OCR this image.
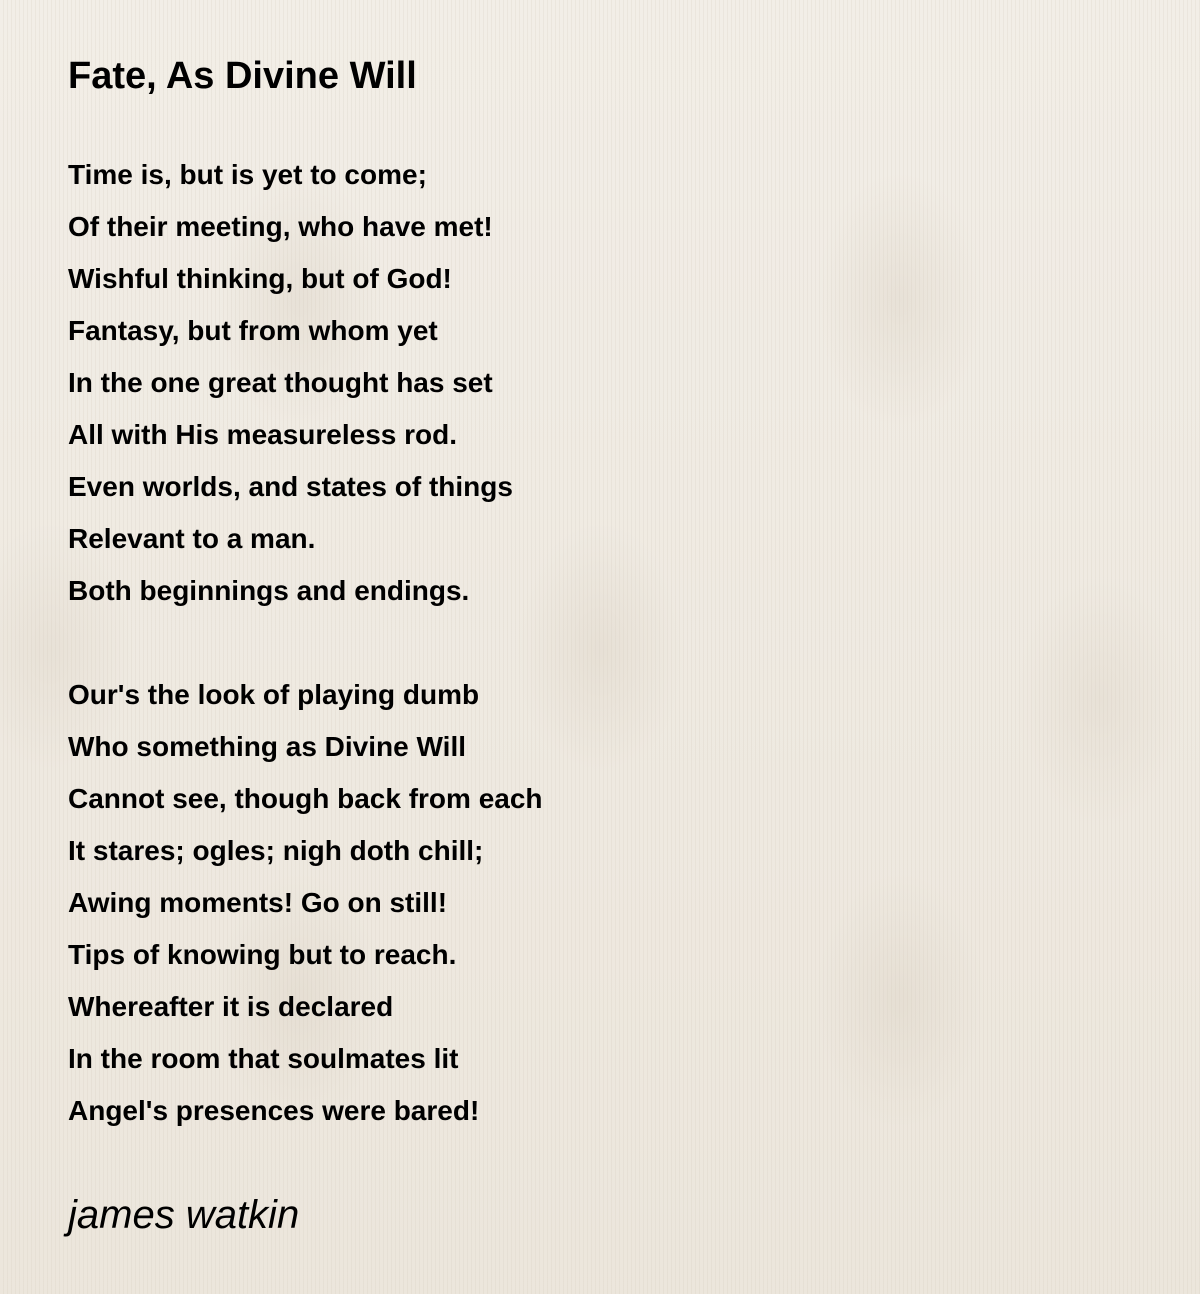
Fate, As Divine Will
Time is, but is yet to come;
Of their meeting, who have met!
Wishful thinking, but of God!
Fantasy, but from whom yet
In the one great thought has set
All with His measureless rod.
Even worlds, and states of things
Relevant to a man.
Both beginnings and endings.
Our's the look of playing dumb
Who something as Divine Will
Cannot see, though back from each
It stares; ogles; nigh doth chill;
Awing moments! Go on still!
Tips of knowing but to reach.
Whereafter it is declared
In the room that soulmates lit
Angel's presences were bared!
james watkin
